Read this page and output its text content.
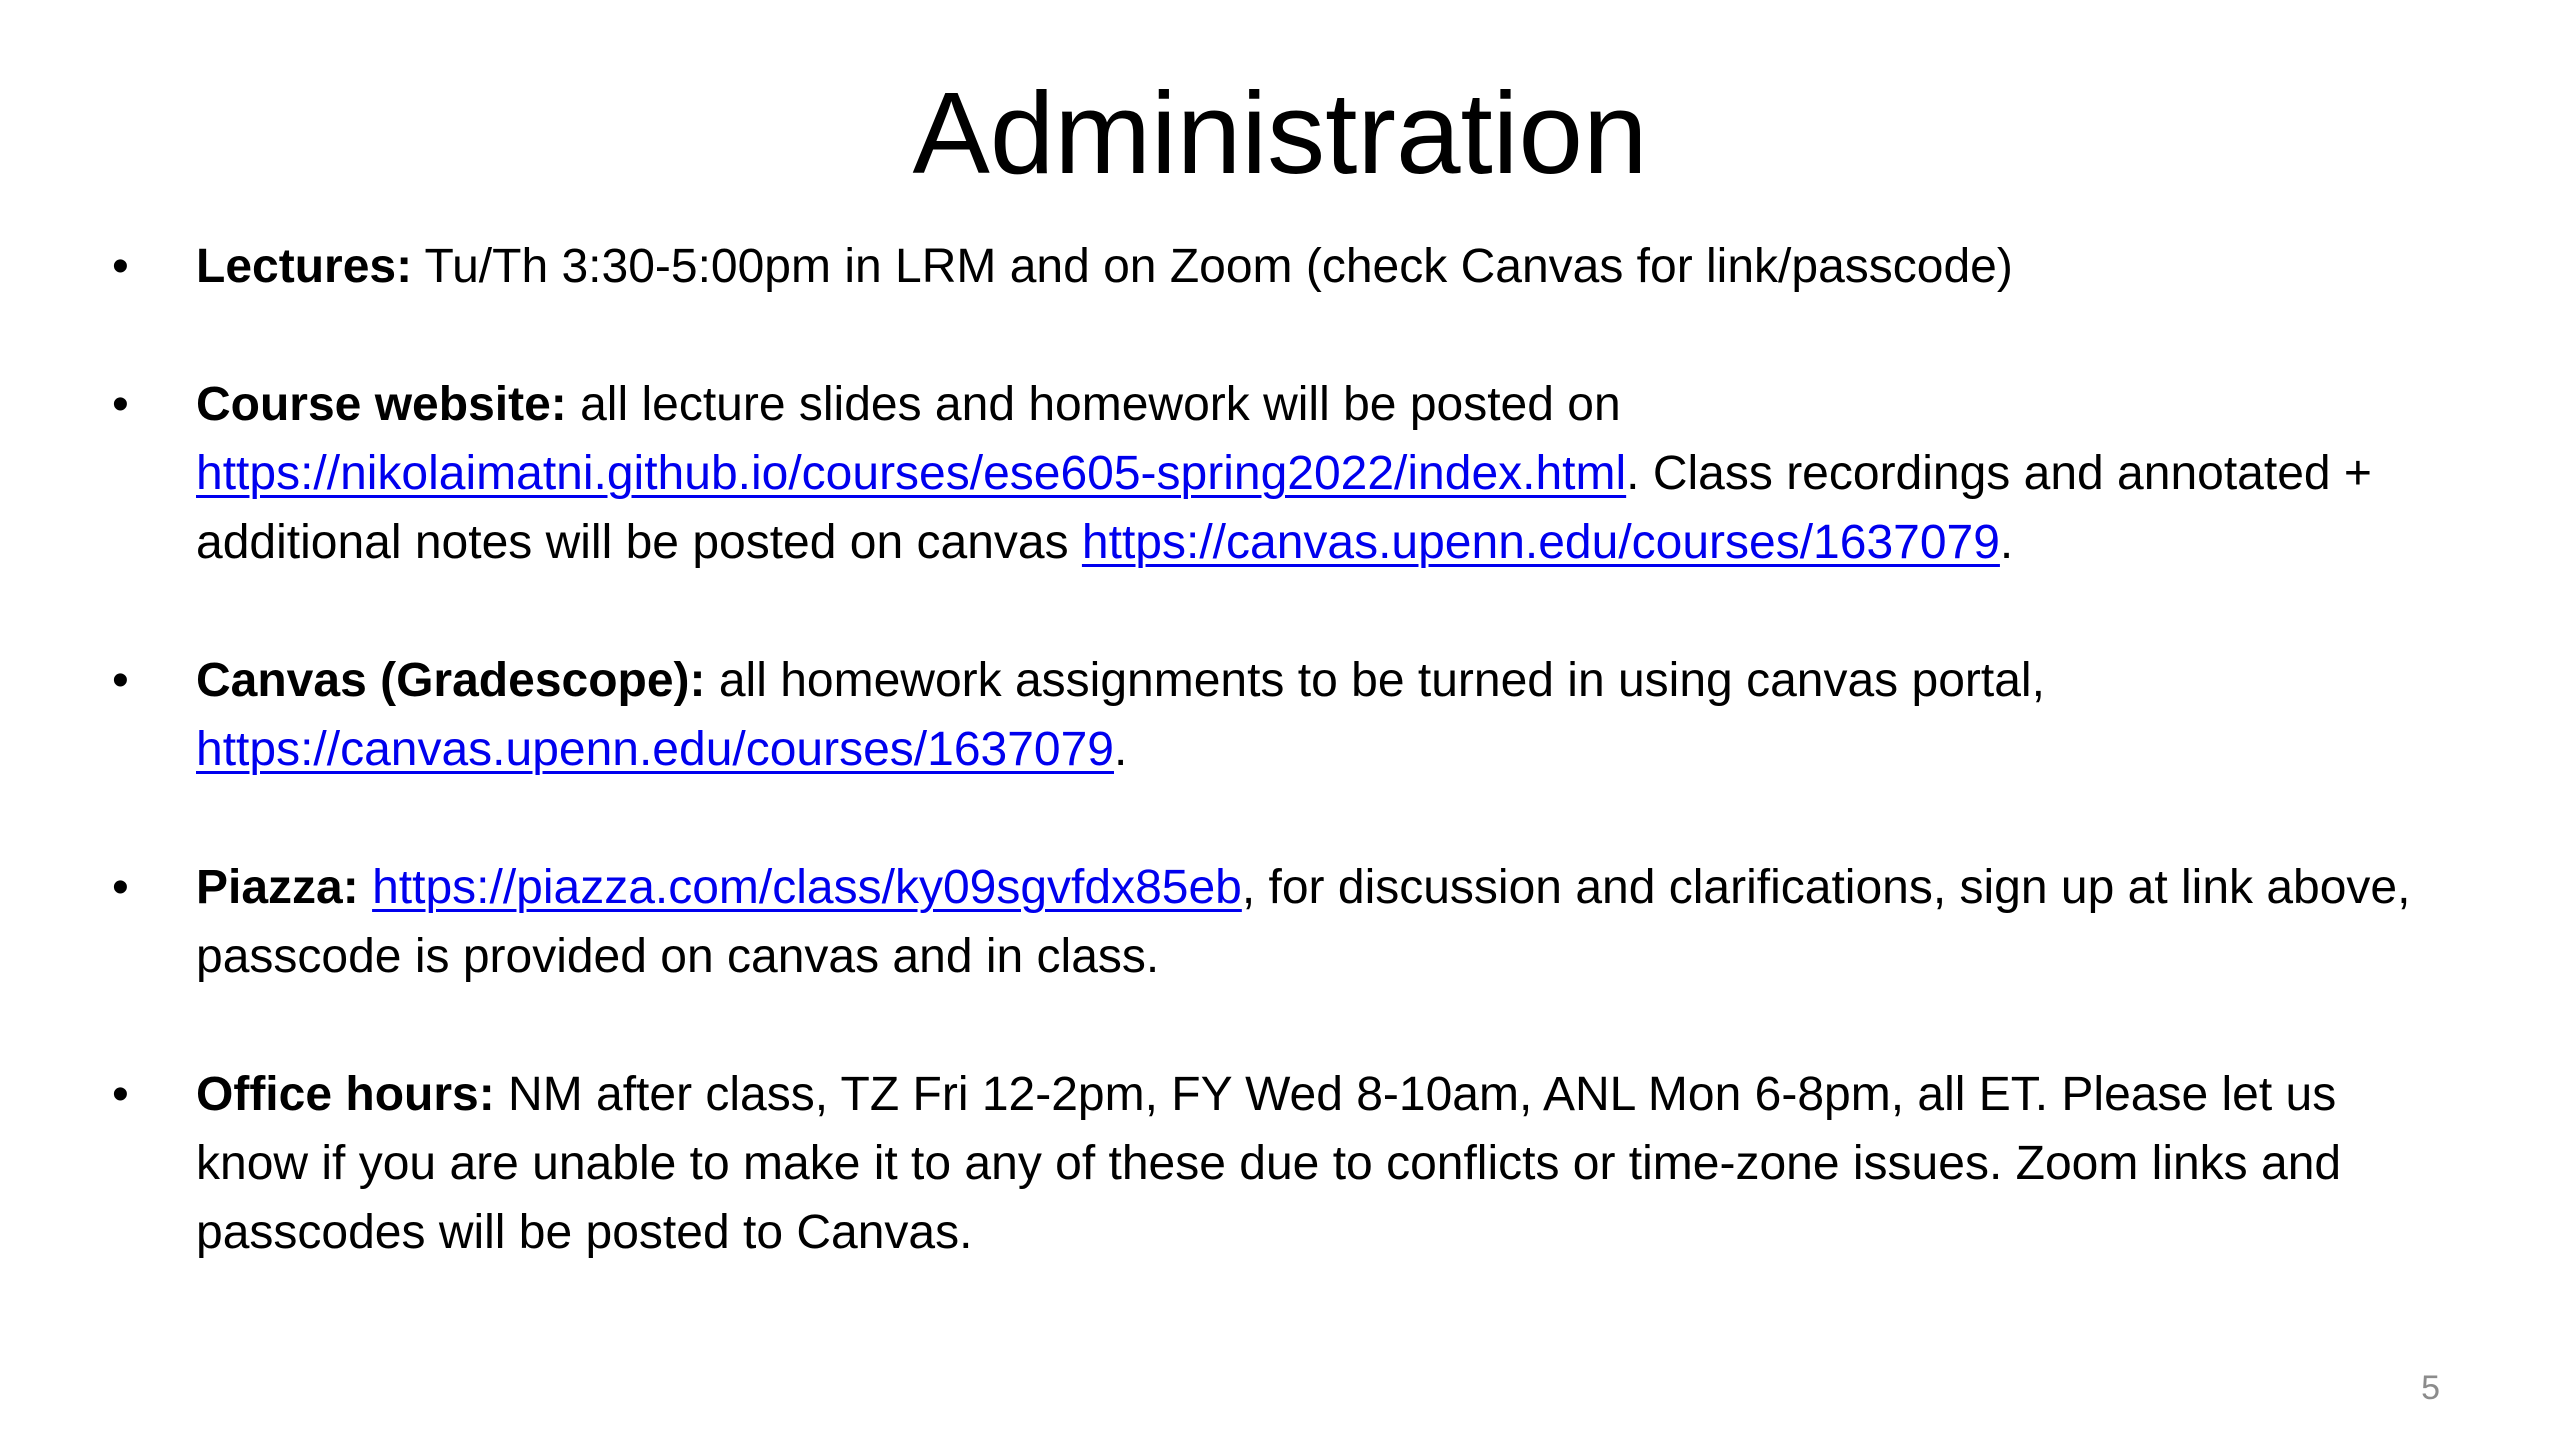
Administration
•	Lectures: Tu/Th 3:30-5:00pm in LRM and on Zoom (check Canvas for link/passcode)
•	Course website: all lecture slides and homework will be posted on https://nikolaimatni.github.io/courses/ese605-spring2022/index.html. Class recordings and annotated + additional notes will be posted on canvas https://canvas.upenn.edu/courses/1637079.
•	Canvas (Gradescope): all homework assignments to be turned in using canvas portal, https://canvas.upenn.edu/courses/1637079.
•	Piazza: https://piazza.com/class/ky09sgvfdx85eb, for discussion and clarifications, sign up at link above, passcode is provided on canvas and in class.
•	Office hours: NM after class, TZ Fri 12-2pm, FY Wed 8-10am, ANL Mon 6-8pm, all ET. Please let us know if you are unable to make it to any of these due to conflicts or time-zone issues. Zoom links and passcodes will be posted to Canvas.
5
